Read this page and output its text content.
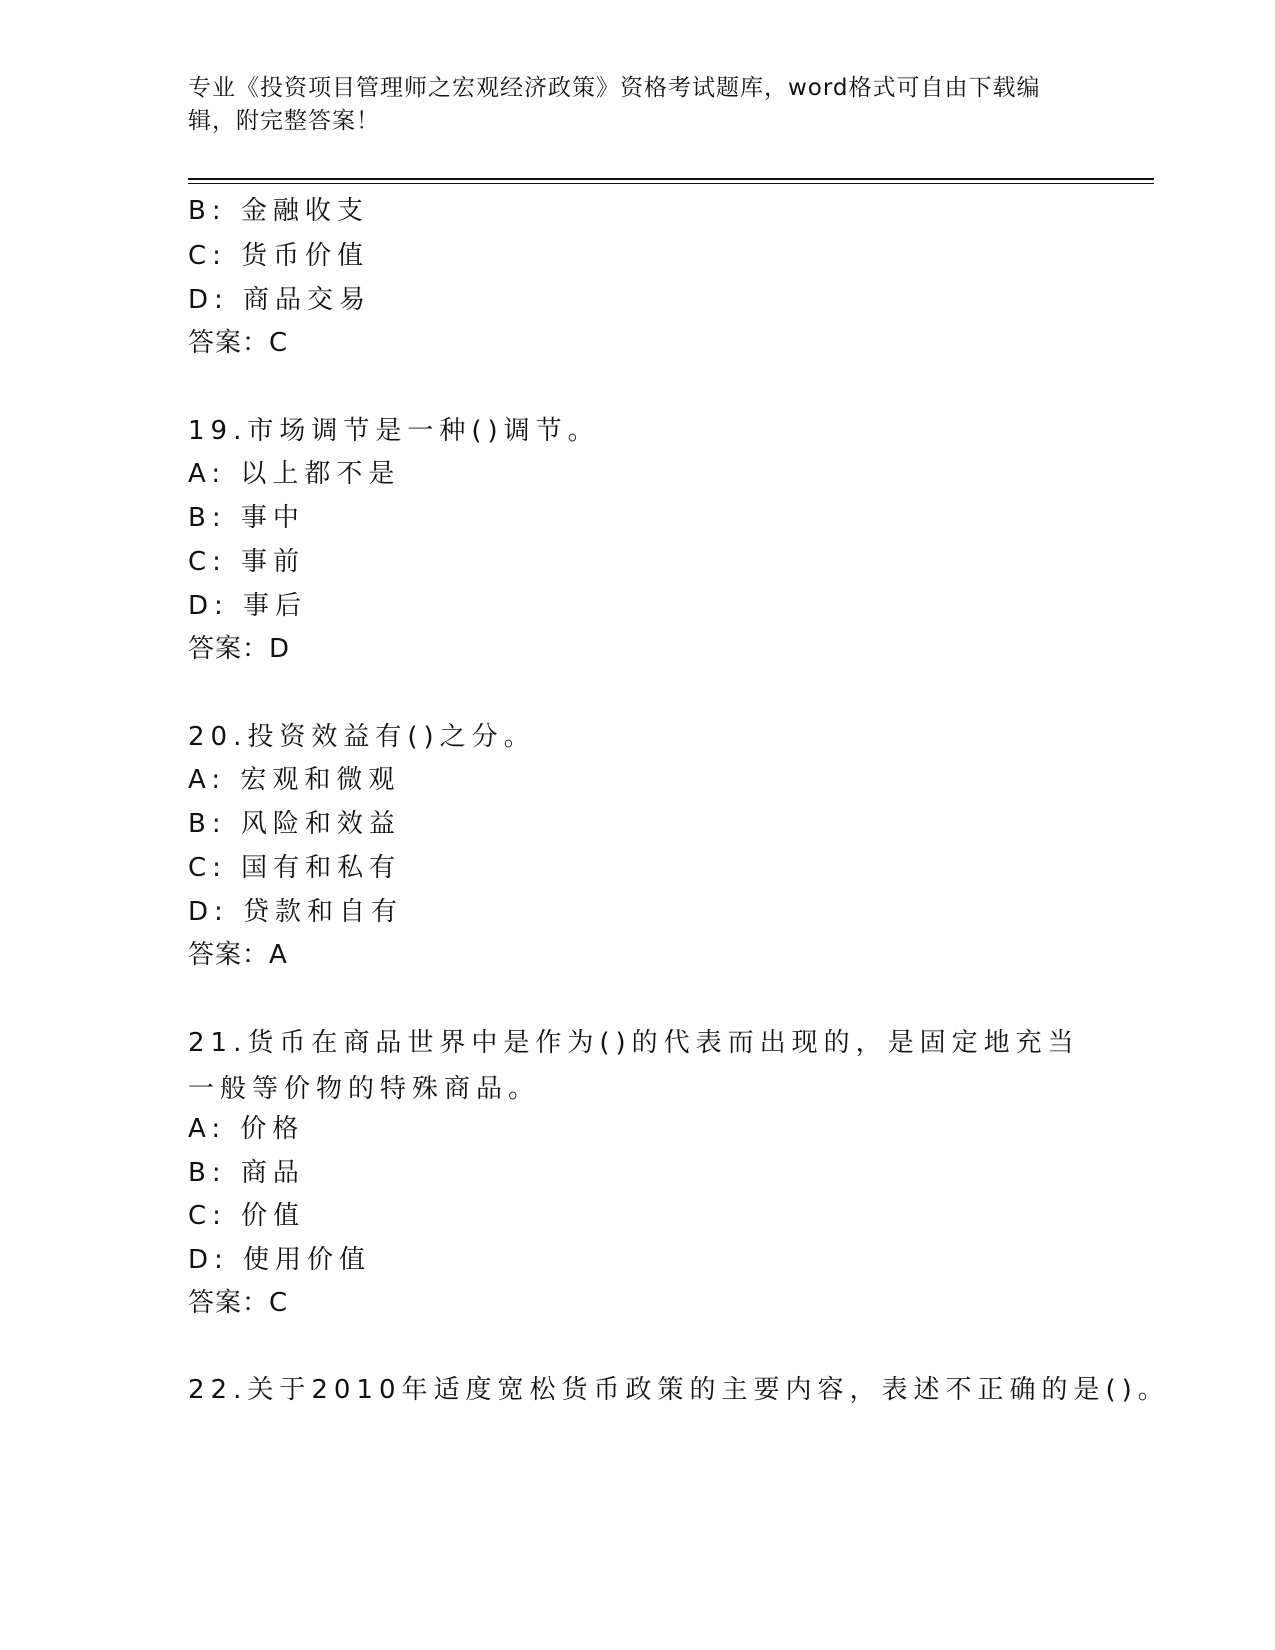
专业《投资项目管理师之宏观经济政策》资格考试题库，word格式可自由下载编辑，附完整答案！
B: 金融收支
C: 货币价值
D: 商品交易
答案：C
19.市场调节是一种()调节。
A: 以上都不是
B: 事中
C: 事前
D: 事后
答案：D
20.投资效益有()之分。
A: 宏观和微观
B: 风险和效益
C: 国有和私有
D: 贷款和自有
答案：A
21.货币在商品世界中是作为()的代表而出现的，是固定地充当一般等价物的特殊商品。
A: 价格
B: 商品
C: 价值
D: 使用价值
答案：C
22.关于2010年适度宽松货币政策的主要内容，表述不正确的是()。
